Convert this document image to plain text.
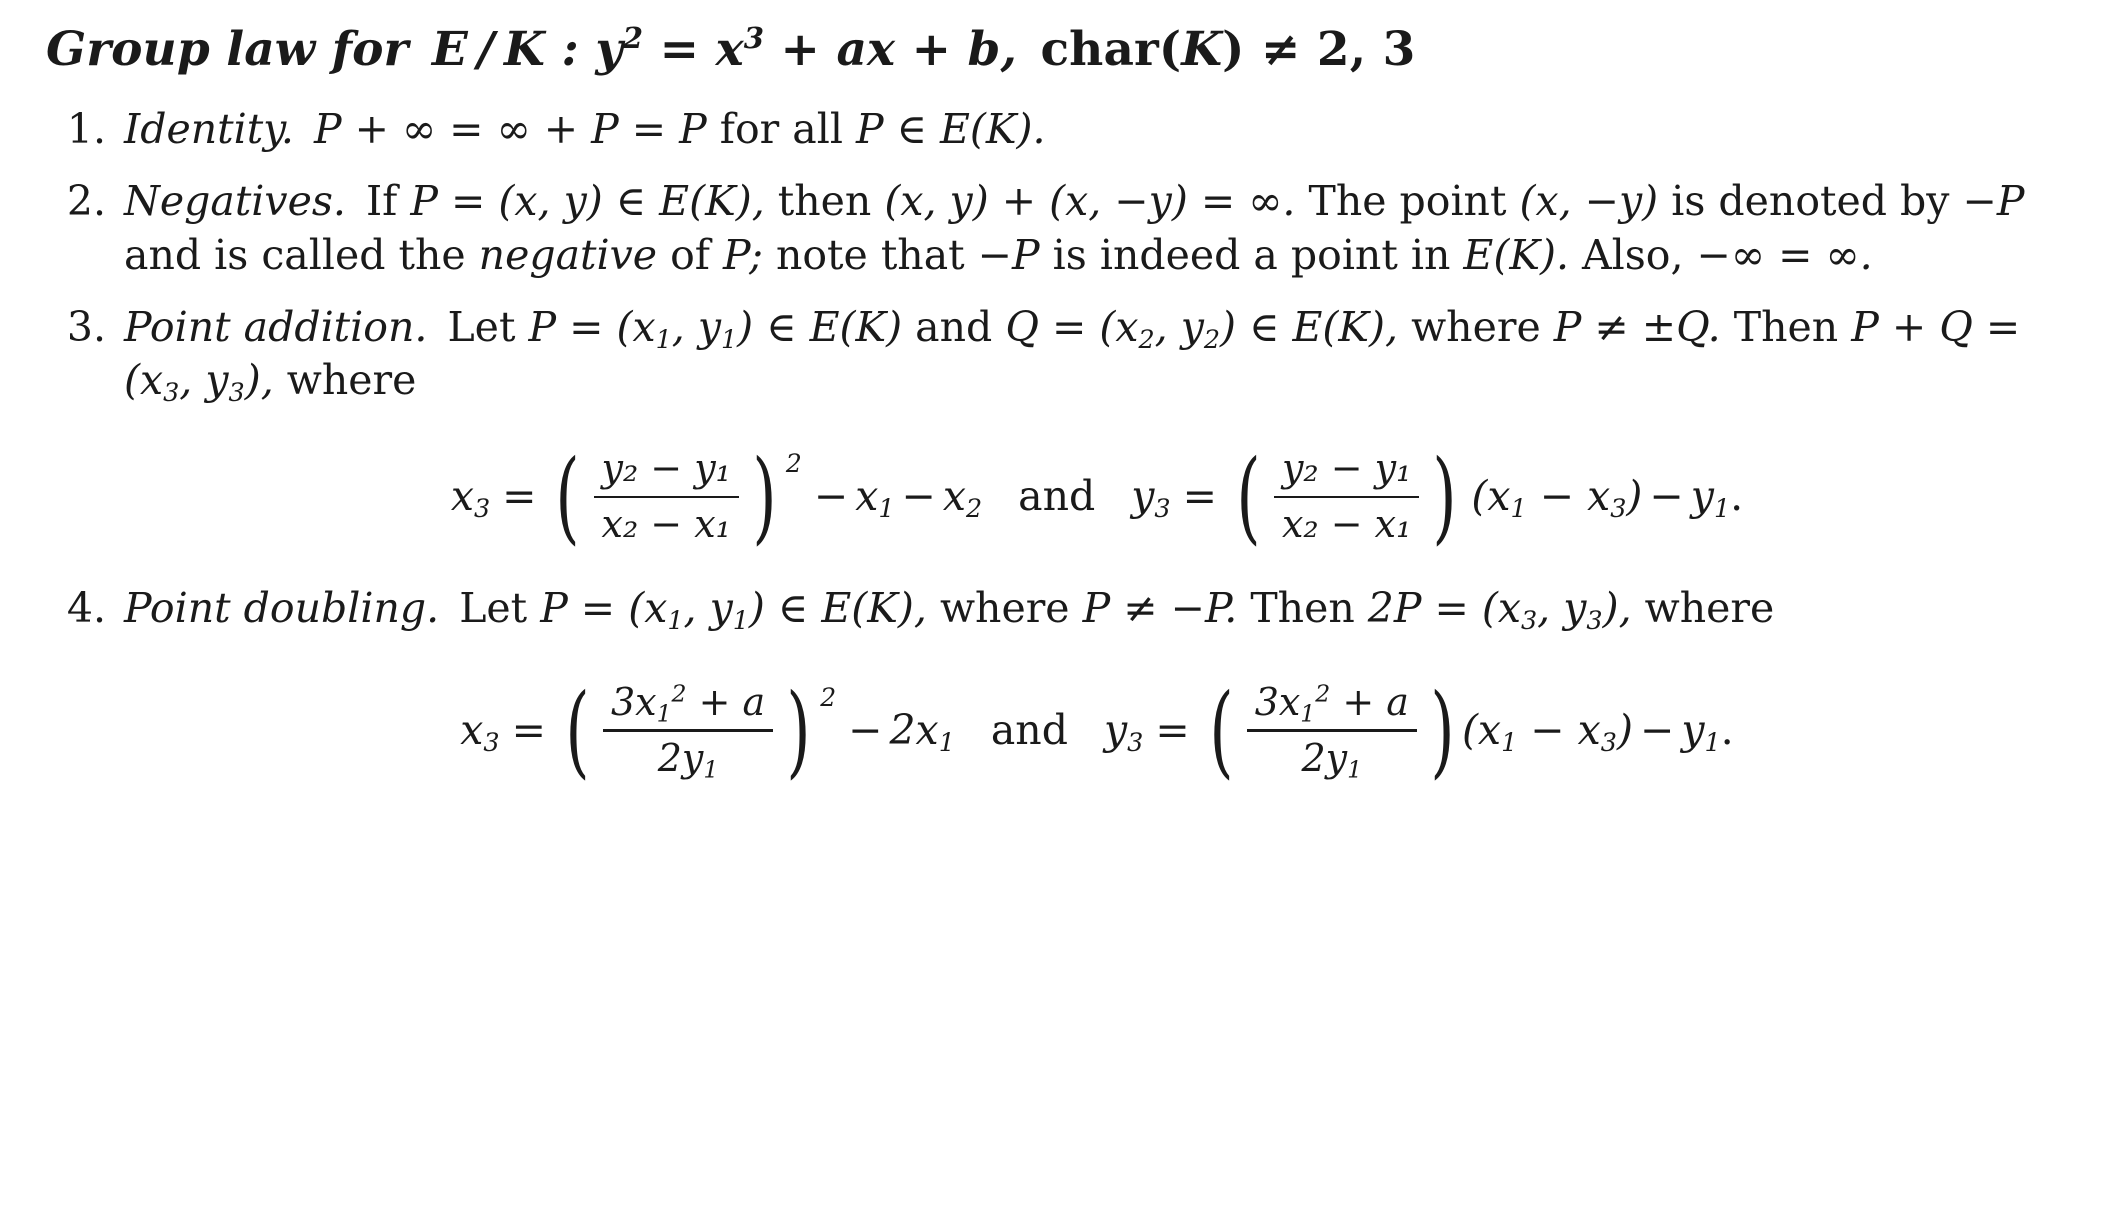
Group law for E / K : $y^2 = x^3$ + ax + b, char(K) ≠ 2, 3
1. Identity. P + ∞ = ∞ + P = P for all P ∈ E(K).
2. Negatives. If P = (x, y) ∈ E(K), then (x, y) + (x, −y) = ∞. The point (x, −y) is denoted by −P and is called the negative of P; note that −P is indeed a point in E(K). Also, −∞ = ∞.
3. Point addition. Let $P = (x_1$, $y_1$) ∈ E(K) and $Q = (x_2$, $y_2$) ∈ E(K), where P ≠ ±Q. Then $P + Q = (x_3$, $y_3$), where
$x_3$ = ( $\frac{\text{y₂ − y₁}}{\text{x₂ − x₁}}$ ) 2
− $x_1 - x_2$ and $y_3$ = ( $\frac{\text{y₂ − y₁}}{\text{x₂ − x₁}}$ ) $(x_1 - x_3) - y_1$ .
4. Point doubling. Let $P = (x_1$, $y_1$) ∈ E(K), where P ≠ −P. Then $2P = (x_3$, $y_3$), where
$x_3$ = ( $\frac{3x_1^2 + a}{2y_1}$ ) 2
− $2x_1$ and $y_3$ = ( $\frac{3x_1^2 + a}{2y_1}$ ) $(x_1 - x_3) - y_1$ .
